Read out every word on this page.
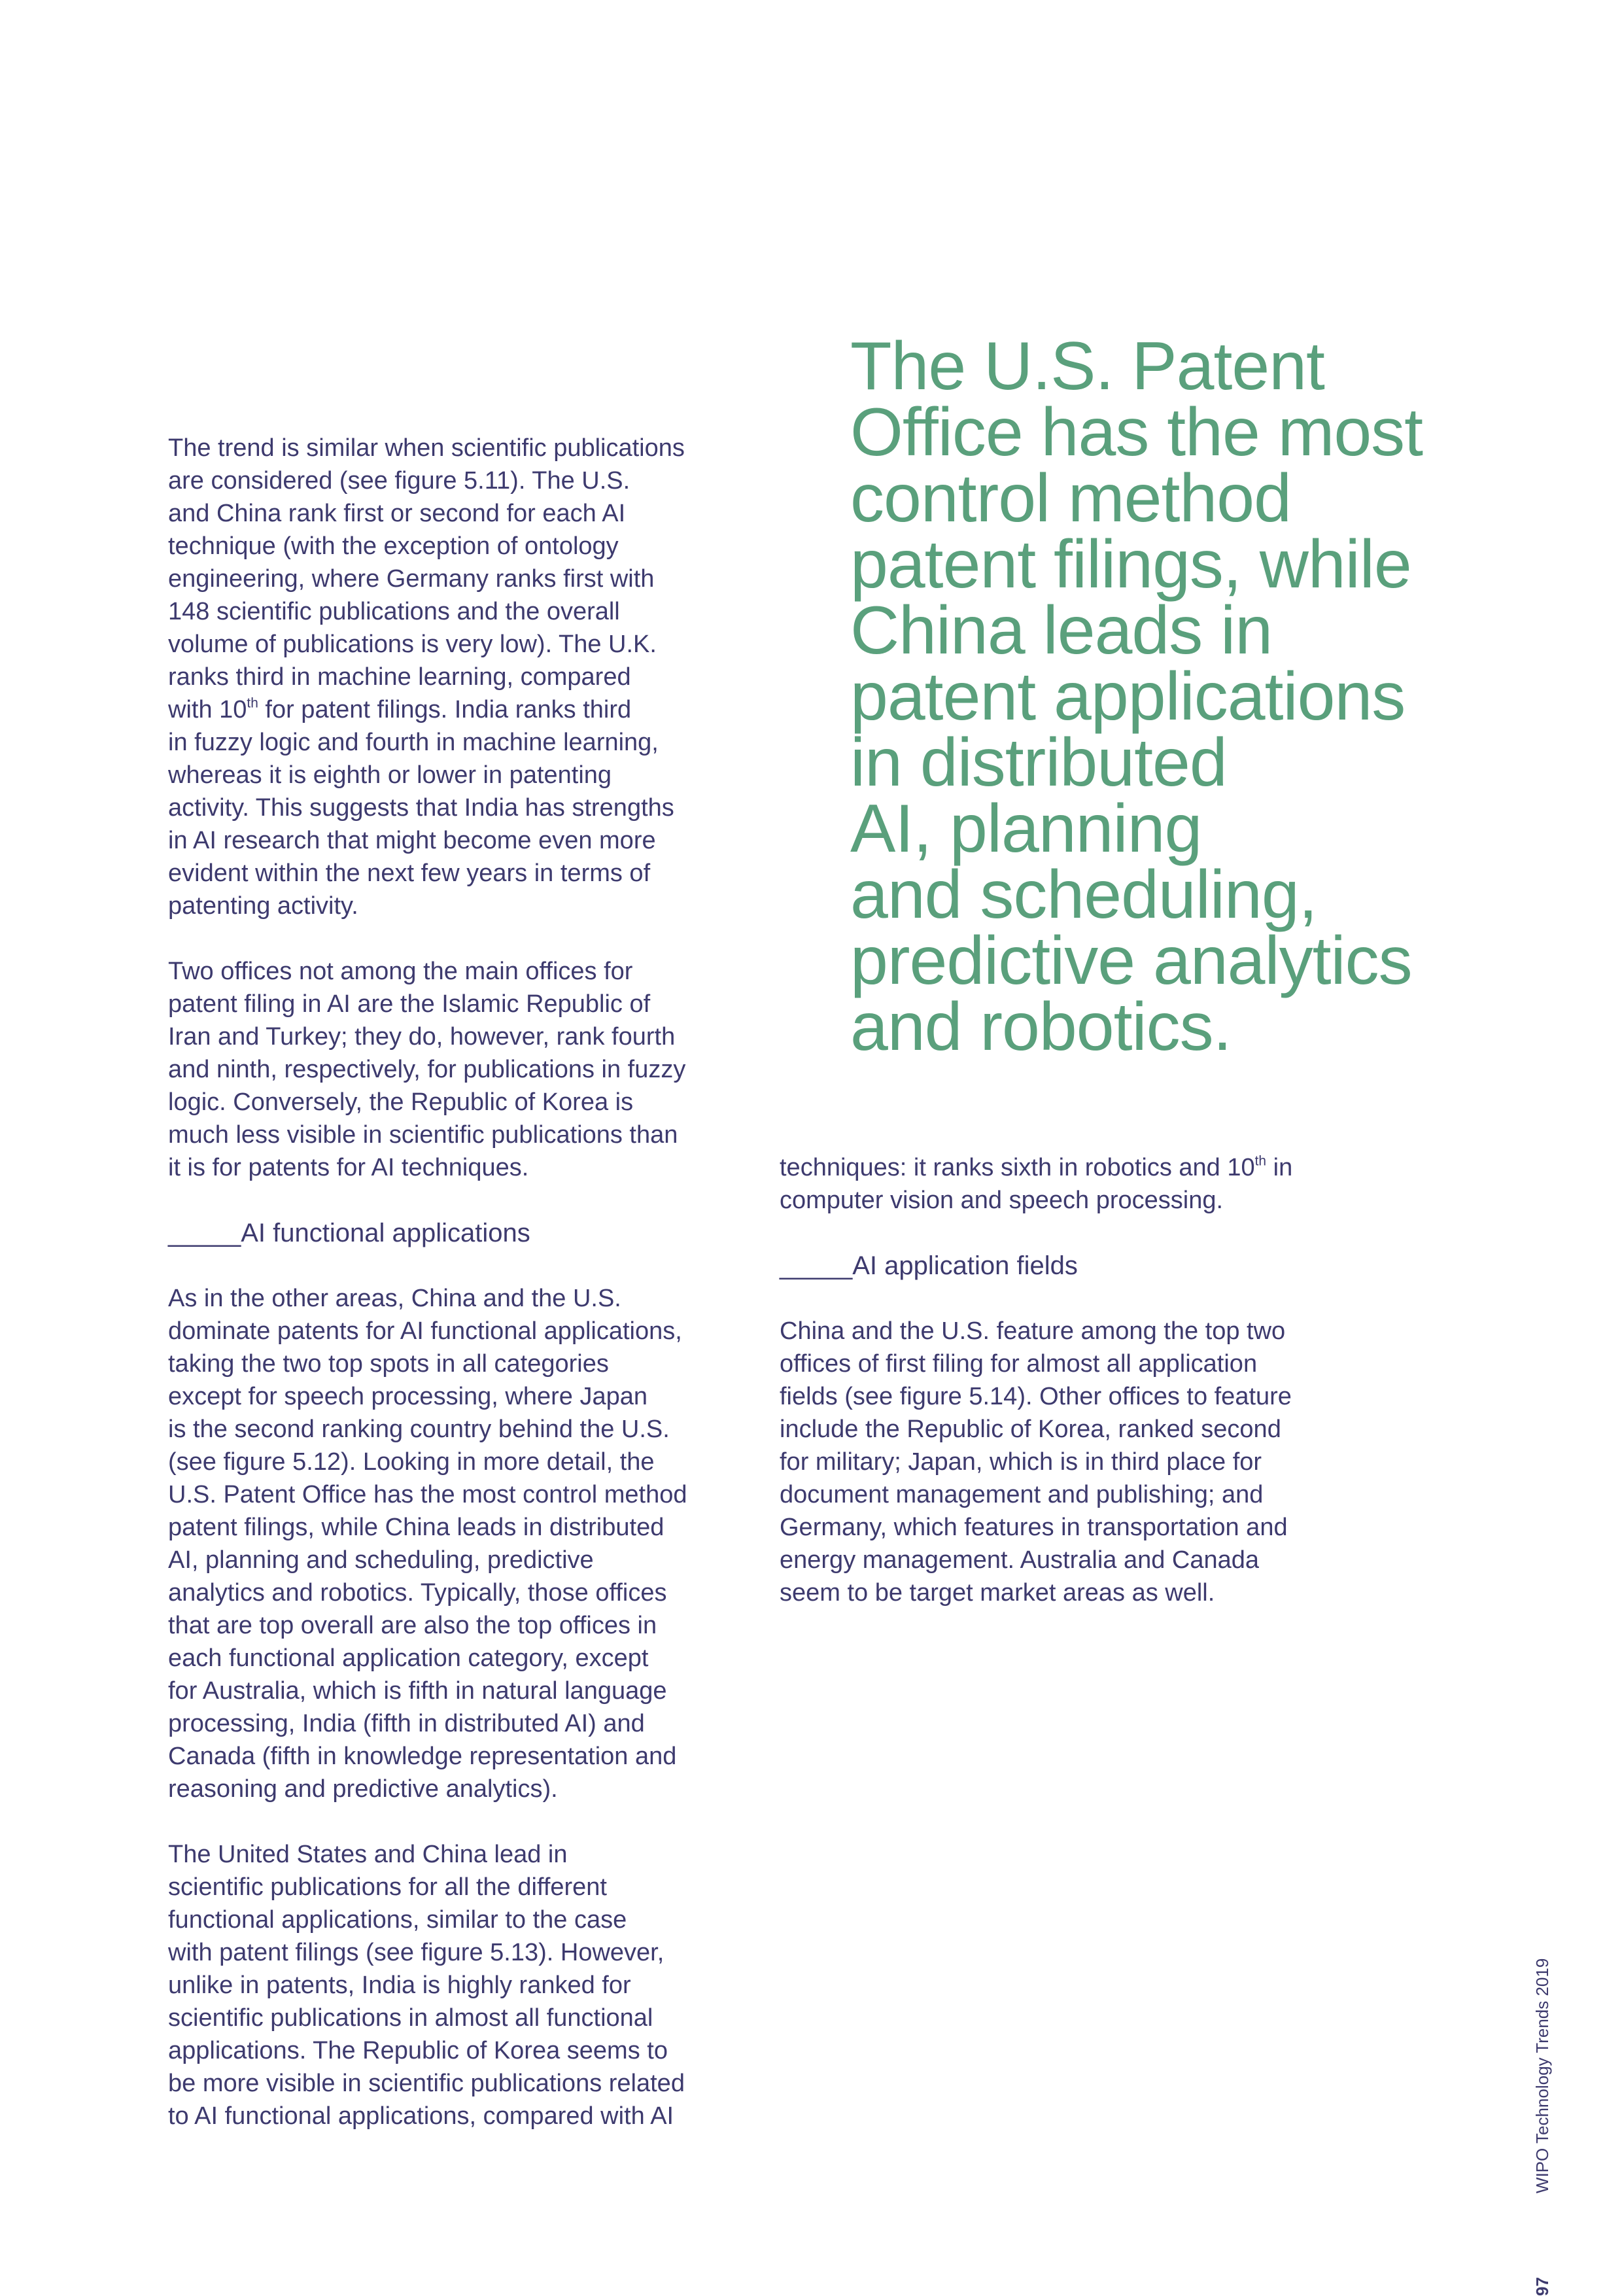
The U.S. Patent
Office has the most
control method
patent filings, while
China leads in
patent applications
in distributed
AI, planning
and scheduling,
predictive analytics
and robotics.
The trend is similar when scientific publications
are considered (see figure 5.11). The U.S.
and China rank first or second for each AI
technique (with the exception of ontology
engineering, where Germany ranks first with
148 scientific publications and the overall
volume of publications is very low). The U.K.
ranks third in machine learning, compared
with 10th for patent filings. India ranks third
in fuzzy logic and fourth in machine learning,
whereas it is eighth or lower in patenting
activity. This suggests that India has strengths
in AI research that might become even more
evident within the next few years in terms of
patenting activity.
Two offices not among the main offices for
patent filing in AI are the Islamic Republic of
Iran and Turkey; they do, however, rank fourth
and ninth, respectively, for publications in fuzzy
logic. Conversely, the Republic of Korea is
much less visible in scientific publications than
it is for patents for AI techniques.
_____AI functional applications
As in the other areas, China and the U.S.
dominate patents for AI functional applications,
taking the two top spots in all categories
except for speech processing, where Japan
is the second ranking country behind the U.S.
(see figure 5.12). Looking in more detail, the
U.S. Patent Office has the most control method
patent filings, while China leads in distributed
AI, planning and scheduling, predictive
analytics and robotics. Typically, those offices
that are top overall are also the top offices in
each functional application category, except
for Australia, which is fifth in natural language
processing, India (fifth in distributed AI) and
Canada (fifth in knowledge representation and
reasoning and predictive analytics).
The United States and China lead in
scientific publications for all the different
functional applications, similar to the case
with patent filings (see figure 5.13). However,
unlike in patents, India is highly ranked for
scientific publications in almost all functional
applications. The Republic of Korea seems to
be more visible in scientific publications related
to AI functional applications, compared with AI
techniques: it ranks sixth in robotics and 10th in
computer vision and speech processing.
_____AI application fields
China and the U.S. feature among the top two
offices of first filing for almost all application
fields (see figure 5.14). Other offices to feature
include the Republic of Korea, ranked second
for military; Japan, which is in third place for
document management and publishing; and
Germany, which features in transportation and
energy management. Australia and Canada
seem to be target market areas as well.
97WIPO Technology Trends 2019
